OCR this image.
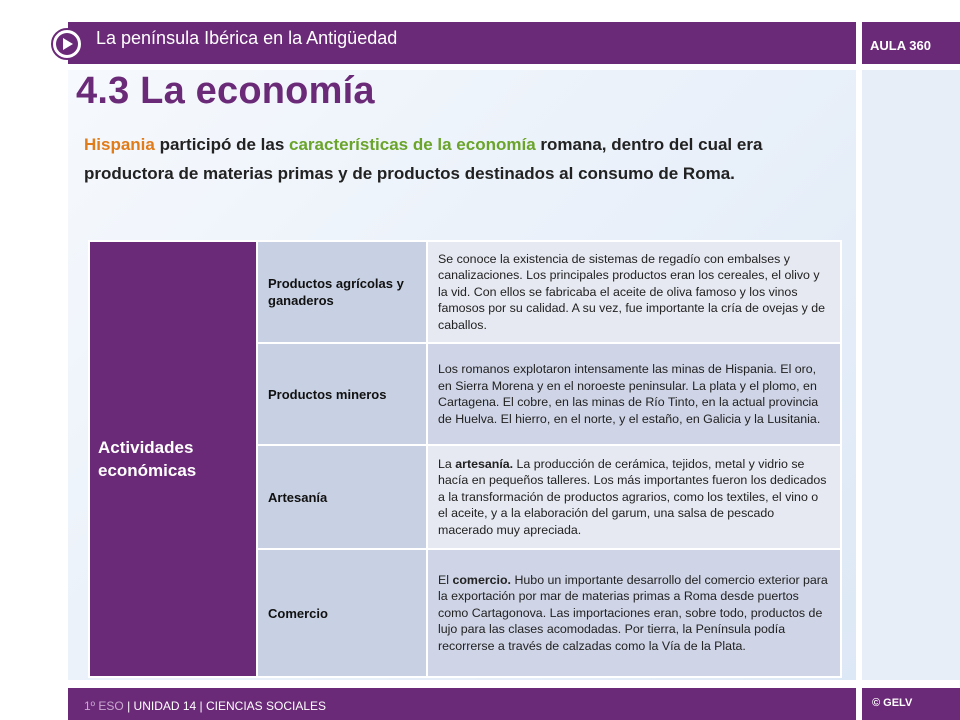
La península Ibérica en la Antigüedad	AULA 360
4.3 La economía

Hispania participó de las características de la economía romana, dentro del cual era productora de materias primas y de productos destinados al consumo de Roma.

Actividades económicas	Productos agrícolas y ganaderos	Se conoce la existencia de sistemas de regadío con embalses y canalizaciones. Los principales productos eran los cereales, el olivo y la vid. Con ellos se fabricaba el aceite de oliva famoso y los vinos famosos por su calidad. A su vez, fue importante la cría de ovejas y de caballos.
	Productos mineros	Los romanos explotaron intensamente las minas de Hispania. El oro, en Sierra Morena y en el noroeste peninsular. La plata y el plomo, en Cartagena. El cobre, en las minas de Río Tinto, en la actual provincia de Huelva. El hierro, en el norte, y el estaño, en Galicia y la Lusitania.
	Artesanía	La artesanía. La producción de cerámica, tejidos, metal y vidrio se hacía en pequeños talleres. Los más importantes fueron los dedicados a la transformación de productos agrarios, como los textiles, el vino o el aceite, y a la elaboración del garum, una salsa de pescado macerado muy apreciada.
	Comercio	El comercio. Hubo un importante desarrollo del comercio exterior para la exportación por mar de materias primas a Roma desde puertos como Cartagonova. Las importaciones eran, sobre todo, productos de lujo para las clases acomodadas. Por tierra, la Península podía recorrerse a través de calzadas como la Vía de la Plata.
1º ESO | UNIDAD 14 | CIENCIAS SOCIALES	© GELV
